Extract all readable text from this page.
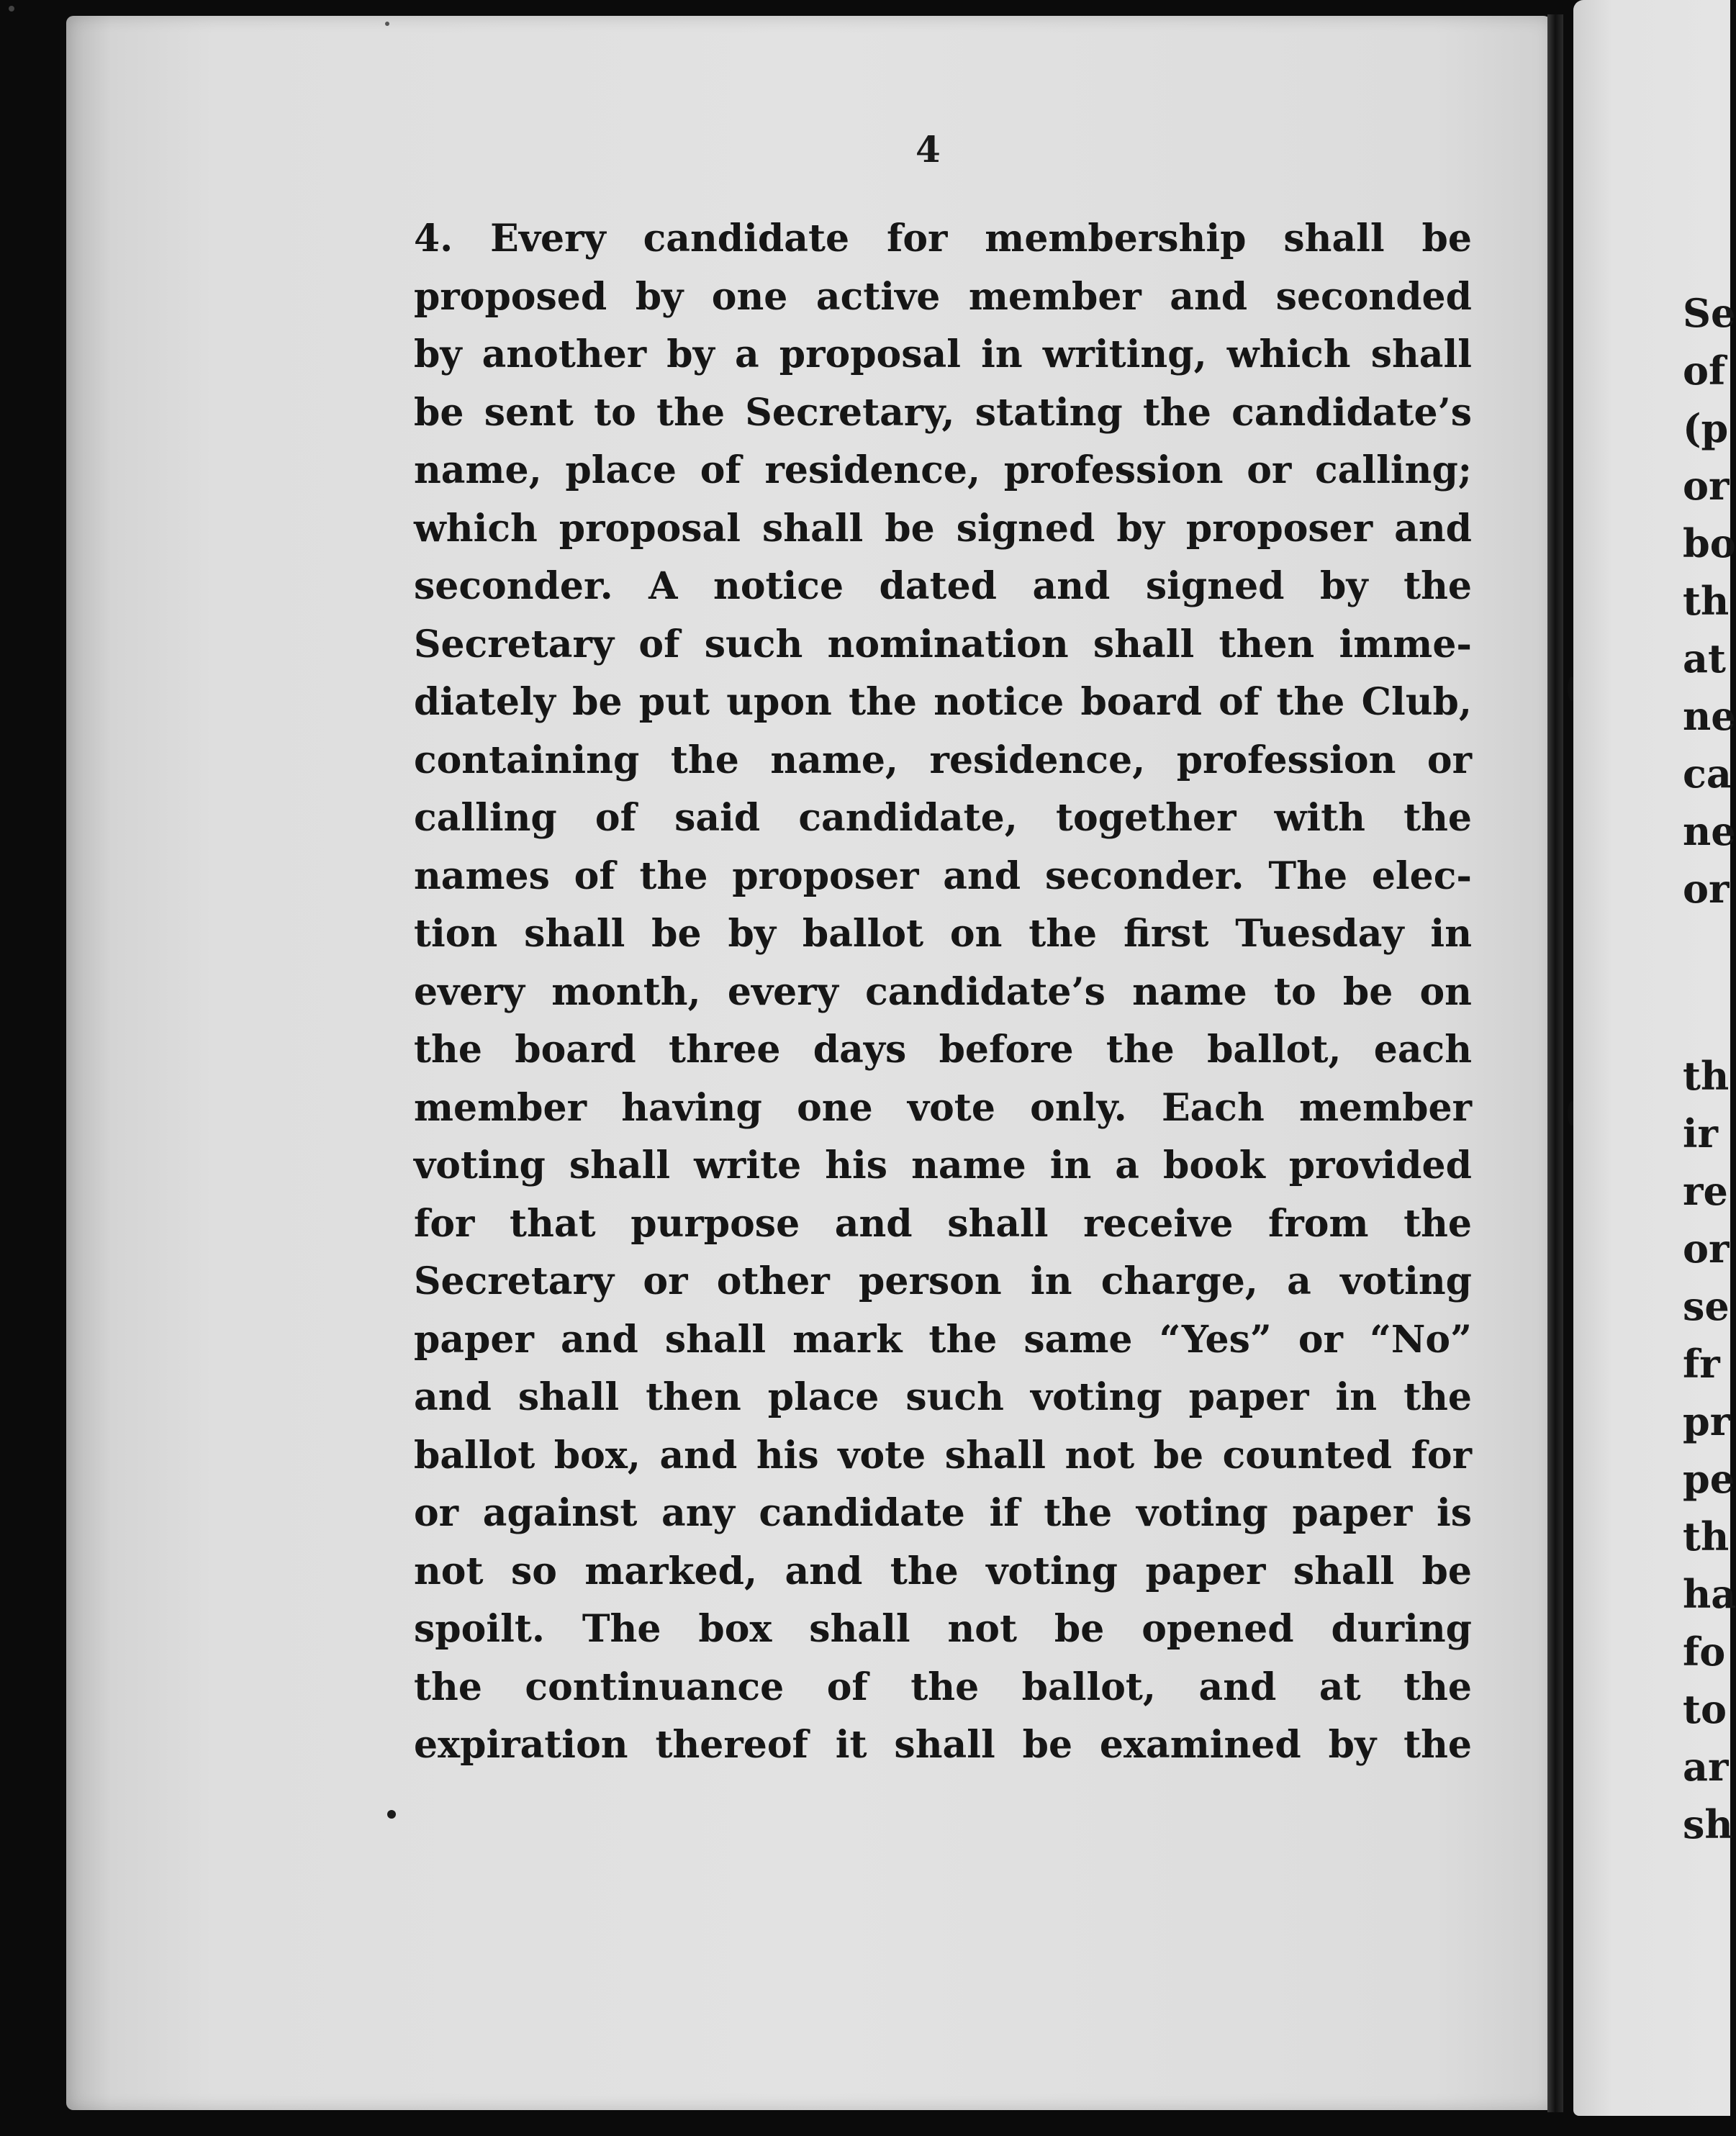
4

4. Every candidate for membership shall be

proposed by one active member and seconded

by another by a proposal in writing, which shall

be sent to the Secretary, stating the candidate’s

name, place of residence, profession or calling;

which proposal shall be signed by proposer and

seconder. A notice dated and signed by the

Secretary of such nomination shall then imme-

diately be put upon the notice board of the Club,

containing the name, residence, profession or

calling of said candidate, together with the

names of the proposer and seconder. The elec-

tion shall be by ballot on the first Tuesday in

every month, every candidate’s name to be on

the board three days before the ballot, each

member having one vote only. Each member

voting shall write his name in a book provided

for that purpose and shall receive from the

Secretary or other person in charge, a voting

paper and shall mark the same “Yes” or “No”

and shall then place such voting paper in the

ballot box, and his vote shall not be counted for

or against any candidate if the voting paper is

not so marked, and the voting paper shall be

spoilt. The box shall not be opened during

the continuance of the ballot, and at the

expiration thereof it shall be examined by the

Se

of

(p

or

bo

th

at

ne

ca

ne

or

th

ir

re

or

se

fr

pr

pe

th

ha

fo

to

ar

sh
